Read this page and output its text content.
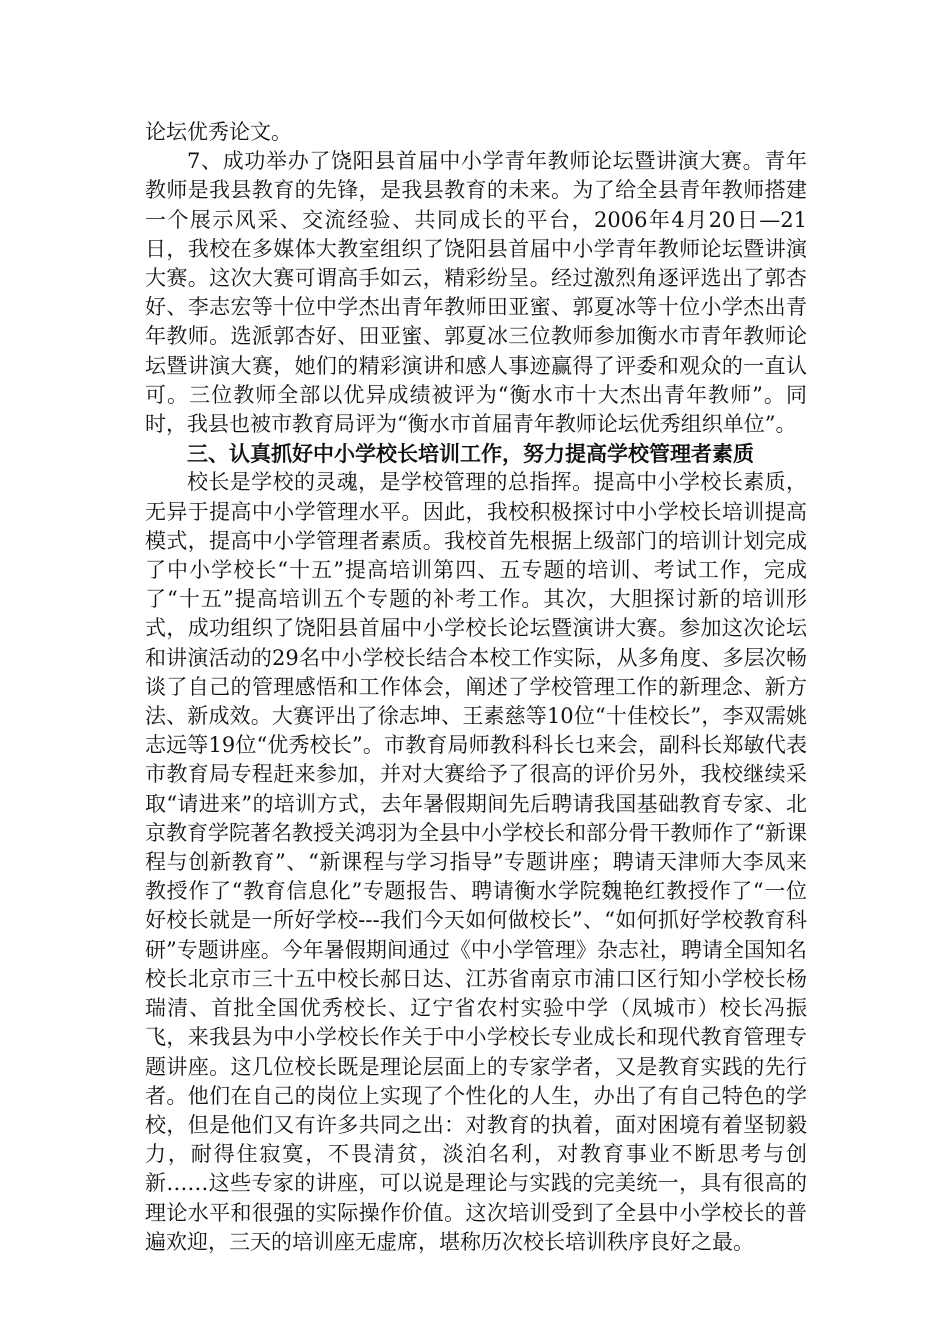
论坛优秀论文。

7、成功举办了饶阳县首届中小学青年教师论坛暨讲演大赛。青年教师是我县教育的先锋，是我县教育的未来。为了给全县青年教师搭建一个展示风采、交流经验、共同成长的平台，2006年4月20日—21日，我校在多媒体大教室组织了饶阳县首届中小学青年教师论坛暨讲演大赛。这次大赛可谓高手如云，精彩纷呈。经过激烈角逐评选出了郭杏好、李志宏等十位中学杰出青年教师田亚蜜、郭夏冰等十位小学杰出青年教师。选派郭杏好、田亚蜜、郭夏冰三位教师参加衡水市青年教师论坛暨讲演大赛，她们的精彩演讲和感人事迹赢得了评委和观众的一直认可。三位教师全部以优异成绩被评为“衡水市十大杰出青年教师”。同时，我县也被市教育局评为“衡水市首届青年教师论坛优秀组织单位”。

三、认真抓好中小学校长培训工作，努力提高学校管理者素质

校长是学校的灵魂，是学校管理的总指挥。提高中小学校长素质，无异于提高中小学管理水平。因此，我校积极探讨中小学校长培训提高模式，提高中小学管理者素质。我校首先根据上级部门的培训计划完成了中小学校长“十五”提高培训第四、五专题的培训、考试工作，完成了“十五”提高培训五个专题的补考工作。其次，大胆探讨新的培训形式，成功组织了饶阳县首届中小学校长论坛暨演讲大赛。参加这次论坛和讲演活动的29名中小学校长结合本校工作实际，从多角度、多层次畅谈了自己的管理感悟和工作体会，阐述了学校管理工作的新理念、新方法、新成效。大赛评出了徐志坤、王素慈等10位“十佳校长”，李双需姚志远等19位“优秀校长”。市教育局师教科科长乜来会，副科长郑敏代表市教育局专程赶来参加，并对大赛给予了很高的评价另外，我校继续采取“请进来”的培训方式，去年暑假期间先后聘请我国基础教育专家、北京教育学院著名教授关鸿羽为全县中小学校长和部分骨干教师作了“新课程与创新教育”、“新课程与学习指导”专题讲座；聘请天津师大李凤来教授作了“教育信息化”专题报告、聘请衡水学院魏艳红教授作了“一位好校长就是一所好学校---我们今天如何做校长”、“如何抓好学校教育科研”专题讲座。今年暑假期间通过《中小学管理》杂志社，聘请全国知名校长北京市三十五中校长郝日达、江苏省南京市浦口区行知小学校长杨瑞清、首批全国优秀校长、辽宁省农村实验中学（凤城市）校长冯振飞，来我县为中小学校长作关于中小学校长专业成长和现代教育管理专题讲座。这几位校长既是理论层面上的专家学者，又是教育实践的先行者。他们在自己的岗位上实现了个性化的人生，办出了有自己特色的学校，但是他们又有许多共同之出：对教育的执着，面对困境有着坚韧毅力，耐得住寂寞，不畏清贫，淡泊名利，对教育事业不断思考与创新……这些专家的讲座，可以说是理论与实践的完美统一，具有很高的理论水平和很强的实际操作价值。这次培训受到了全县中小学校长的普遍欢迎，三天的培训座无虚席，堪称历次校长培训秩序良好之最。
